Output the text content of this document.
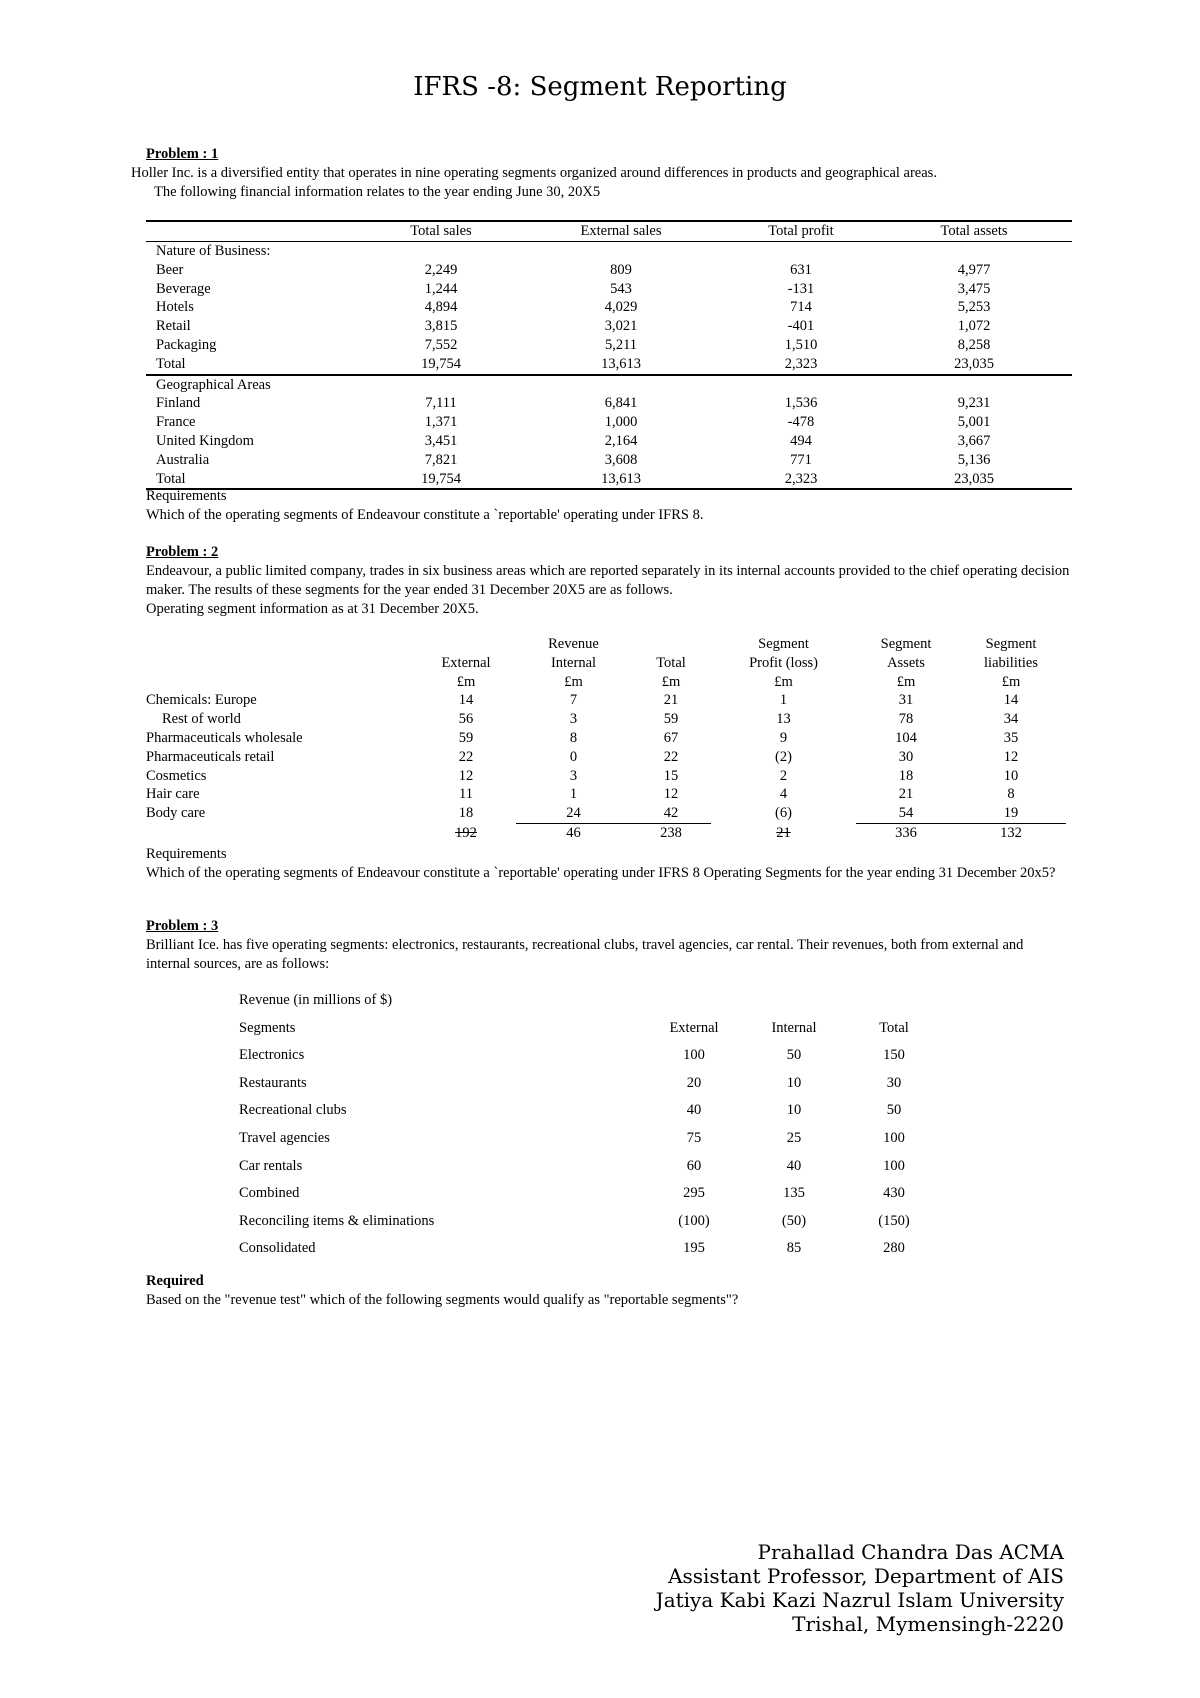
IFRS -8: Segment Reporting
Problem : 1
Holler Inc. is a diversified entity that operates in nine operating segments organized around differences in products and geographical areas.
The following financial information relates to the year ending June 30, 20X5
	Total sales	External sales	Total profit	Total assets
Nature of Business:				
Beer	2,249	809	631	4,977
Beverage	1,244	543	-131	3,475
Hotels	4,894	4,029	714	5,253
Retail	3,815	3,021	-401	1,072
Packaging	7,552	5,211	1,510	8,258
Total	19,754	13,613	2,323	23,035
Geographical Areas				
Finland	7,111	6,841	1,536	9,231
France	1,371	1,000	-478	5,001
United Kingdom	3,451	2,164	494	3,667
Australia	7,821	3,608	771	5,136
Total	19,754	13,613	2,323	23,035
Requirements
Which of the operating segments of Endeavour constitute a `reportable' operating under IFRS 8.
Problem : 2
Endeavour, a public limited company, trades in six business areas which are reported separately in its internal accounts provided to the chief operating decision maker. The results of these segments for the year ended 31 December 20X5 are as follows.
Operating segment information as at 31 December 20X5.
		Revenue		Segment	Segment	Segment
	External	Internal	Total	Profit (loss)	Assets	liabilities
	£m	£m	£m	£m	£m	£m
Chemicals: Europe	14	7	21	1	31	14
Rest of world	56	3	59	13	78	34
Pharmaceuticals wholesale	59	8	67	9	104	35
Pharmaceuticals retail	22	0	22	(2)	30	12
Cosmetics	12	3	15	2	18	10
Hair care	11	1	12	4	21	8
Body care	18	24	42	(6)	54	19
	192	46	238	21	336	132
Requirements
Which of the operating segments of Endeavour constitute a `reportable' operating under IFRS 8 Operating Segments for the year ending 31 December 20x5?
Problem : 3
Brilliant Ice. has five operating segments: electronics, restaurants, recreational clubs, travel agencies, car rental. Their revenues, both from external and internal sources, are as follows:
Revenue (in millions of $)			
Segments	External	Internal	Total
Electronics	100	50	150
Restaurants	20	10	30
Recreational clubs	40	10	50
Travel agencies	75	25	100
Car rentals	60	40	100
Combined	295	135	430
Reconciling items & eliminations	(100)	(50)	(150)
Consolidated	195	85	280
Required
Based on the "revenue test" which of the following segments would qualify as "reportable segments"?
Prahallad Chandra Das ACMA
Assistant Professor, Department of AIS
Jatiya Kabi Kazi Nazrul Islam University
Trishal, Mymensingh-2220
